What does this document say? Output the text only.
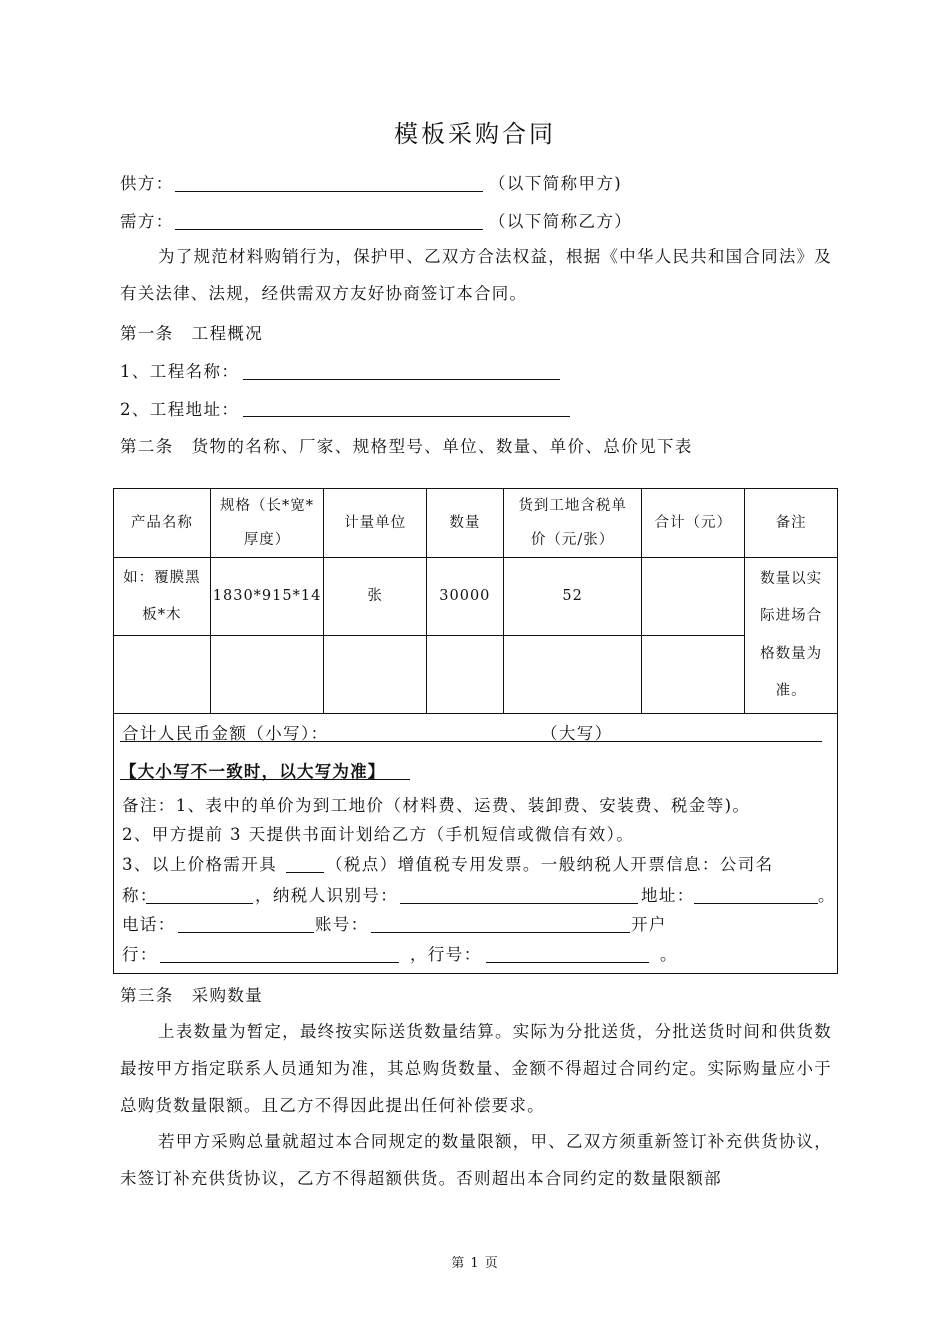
模板采购合同
供方：	（以下简称甲方)
需方：	（以下简称乙方）
为了规范材料购销行为，保护甲、乙双方合法权益，根据《中华人民共和国合同法》及有关法律、法规，经供需双方友好协商签订本合同。
第一条　工程概况
1、工程名称：
2、工程地址：
第二条　货物的名称、厂家、规格型号、单位、数量、单价、总价见下表
产品名称	规格（长*宽*厚度）	计量单位	数量	货到工地含税单价（元/张）	合计（元）	备注
如：覆膜黑板*木	1830*915*14	张	30000	52		数量以实际进场合格数量为准。

合计人民币金额（小写）：	（大写）
【大小写不一致时，以大写为准】
备注：1、表中的单价为到工地价（材料费、运费、装卸费、安装费、税金等)。
2、甲方提前 3 天提供书面计划给乙方（手机短信或微信有效）。
3、以上价格需开具	（税点）增值税专用发票。一般纳税人开票信息：公司名
称：	，纳税人识别号：	地址：	。
电话：	账号：	开户
行：	，行号：	。
第三条　采购数量
上表数量为暂定，最终按实际送货数量结算。实际为分批送货，分批送货时间和供货数最按甲方指定联系人员通知为准，其总购货数量、金额不得超过合同约定。实际购量应小于总购货数量限额。且乙方不得因此提出任何补偿要求。
若甲方采购总量就超过本合同规定的数量限额，甲、乙双方须重新签订补充供货协议，未签订补充供货协议，乙方不得超额供货。否则超出本合同约定的数量限额部
第 1 页
